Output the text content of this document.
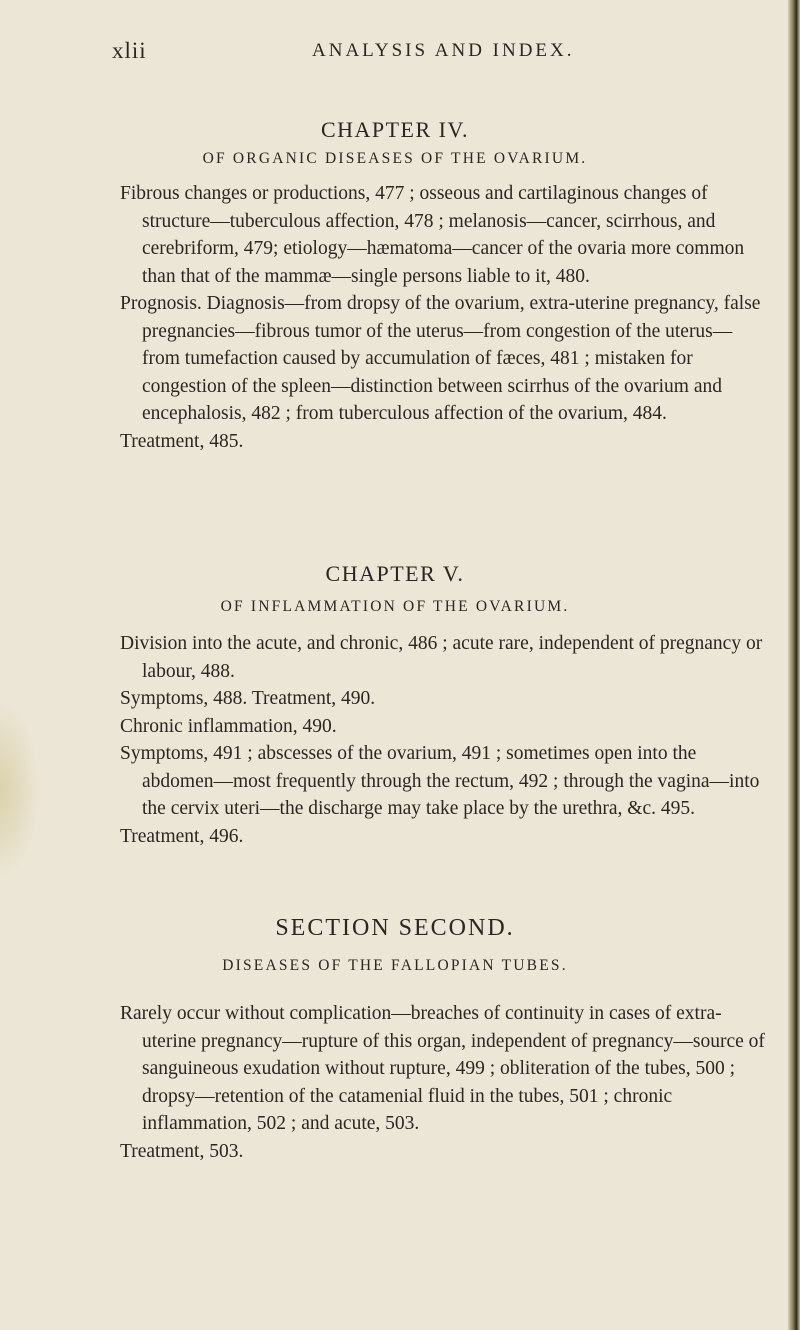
xlii	ANALYSIS AND INDEX.
CHAPTER IV.
OF ORGANIC DISEASES OF THE OVARIUM.

Fibrous changes or productions, 477 ; osseous and cartilaginous changes of structure—tuberculous affection, 478 ; melanosis—cancer, scirrhous, and cerebriform, 479; etiology—hæmatoma—cancer of the ovaria more common than that of the mammæ—single persons liable to it, 480.

Prognosis. Diagnosis—from dropsy of the ovarium, extra-uterine pregnancy, false pregnancies—fibrous tumor of the uterus—from congestion of the uterus—from tumefaction caused by accumulation of fæces, 481 ; mistaken for congestion of the spleen—distinction between scirrhus of the ovarium and encephalosis, 482 ; from tuberculous affection of the ovarium, 484.

Treatment, 485.

CHAPTER V.
OF INFLAMMATION OF THE OVARIUM.

Division into the acute, and chronic, 486 ; acute rare, independent of pregnancy or labour, 488.

Symptoms, 488. Treatment, 490.

Chronic inflammation, 490.

Symptoms, 491 ; abscesses of the ovarium, 491 ; sometimes open into the abdomen—most frequently through the rectum, 492 ; through the vagina—into the cervix uteri—the discharge may take place by the urethra, &c. 495.

Treatment, 496.

SECTION SECOND.
DISEASES OF THE FALLOPIAN TUBES.

Rarely occur without complication—breaches of continuity in cases of extra-uterine pregnancy—rupture of this organ, independent of pregnancy—source of sanguineous exudation without rupture, 499 ; obliteration of the tubes, 500 ; dropsy—retention of the catamenial fluid in the tubes, 501 ; chronic inflammation, 502 ; and acute, 503.

Treatment, 503.
